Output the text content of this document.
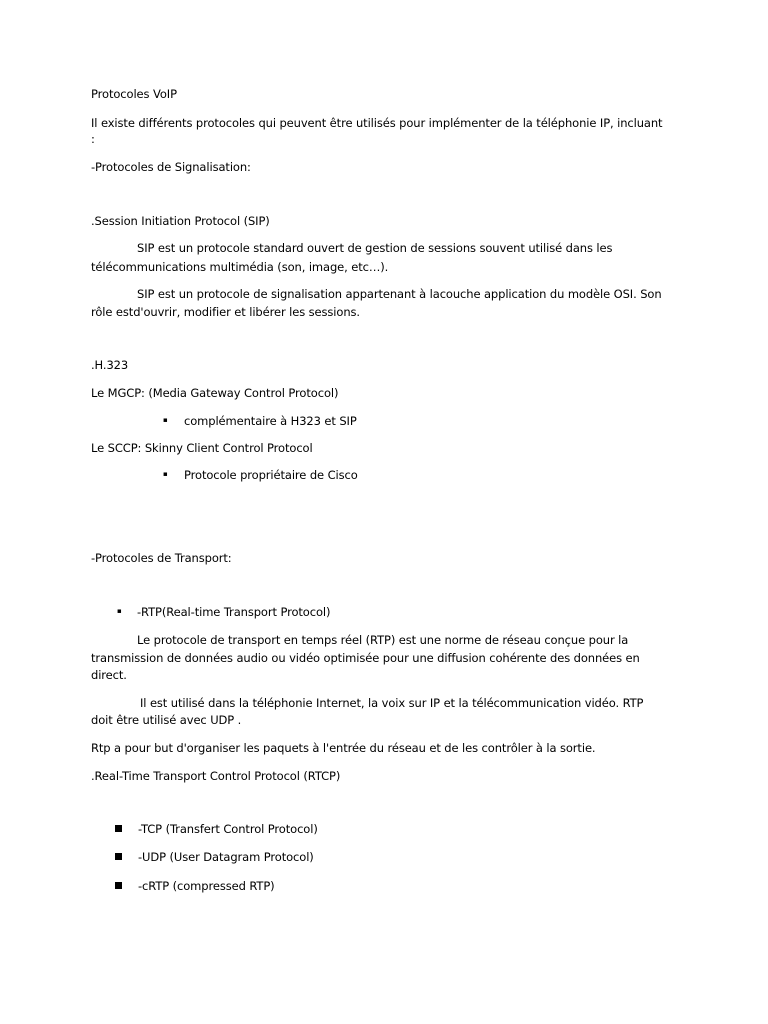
Protocoles VoIP
Il existe différents protocoles qui peuvent être utilisés pour implémenter de la téléphonie IP, incluant
:
-Protocoles de Signalisation:
.Session Initiation Protocol (SIP)
SIP est un protocole standard ouvert de gestion de sessions souvent utilisé dans les
télécommunications multimédia (son, image, etc…).
SIP est un protocole de signalisation appartenant à lacouche application du modèle OSI. Son
rôle estd'ouvrir, modifier et libérer les sessions.
.H.323
Le MGCP: (Media Gateway Control Protocol)
▪ complémentaire à H323 et SIP
Le SCCP: Skinny Client Control Protocol
▪ Protocole propriétaire de Cisco
-Protocoles de Transport:
▪ -RTP(Real-time Transport Protocol)
Le protocole de transport en temps réel (RTP) est une norme de réseau conçue pour la
transmission de données audio ou vidéo optimisée pour une diffusion cohérente des données en
direct.
Il est utilisé dans la téléphonie Internet, la voix sur IP et la télécommunication vidéo. RTP
doit être utilisé avec UDP .
Rtp a pour but d'organiser les paquets à l'entrée du réseau et de les contrôler à la sortie.
.Real-Time Transport Control Protocol (RTCP)
-TCP (Transfert Control Protocol)
-UDP (User Datagram Protocol)
-cRTP (compressed RTP)
